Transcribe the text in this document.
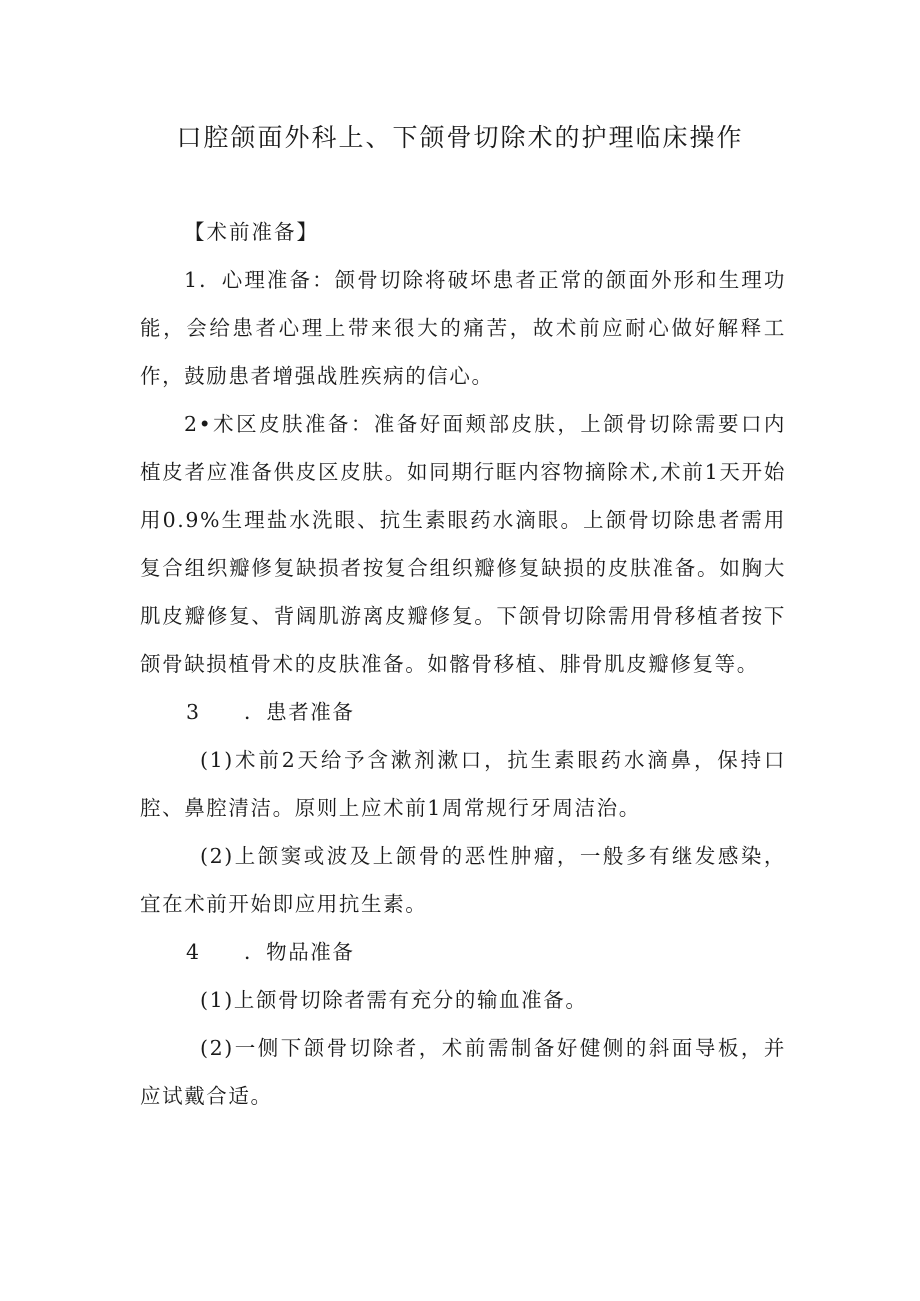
口腔颌面外科上、下颌骨切除术的护理临床操作

【术前准备】

1．心理准备：颌骨切除将破坏患者正常的颌面外形和生理功能，会给患者心理上带来很大的痛苦，故术前应耐心做好解释工作，鼓励患者增强战胜疾病的信心。

2•术区皮肤准备：准备好面颊部皮肤，上颌骨切除需要口内植皮者应准备供皮区皮肤。如同期行眶内容物摘除术,术前1天开始用0.9%生理盐水洗眼、抗生素眼药水滴眼。上颌骨切除患者需用复合组织瓣修复缺损者按复合组织瓣修复缺损的皮肤准备。如胸大肌皮瓣修复、背阔肌游离皮瓣修复。下颌骨切除需用骨移植者按下颌骨缺损植骨术的皮肤准备。如髂骨移植、腓骨肌皮瓣修复等。

3 ．患者准备

(1)术前2天给予含漱剂漱口，抗生素眼药水滴鼻，保持口腔、鼻腔清洁。原则上应术前1周常规行牙周洁治。

(2)上颌窦或波及上颌骨的恶性肿瘤，一般多有继发感染，宜在术前开始即应用抗生素。

4 ．物品准备

(1)上颌骨切除者需有充分的输血准备。

(2)一侧下颌骨切除者，术前需制备好健侧的斜面导板，并应试戴合适。
